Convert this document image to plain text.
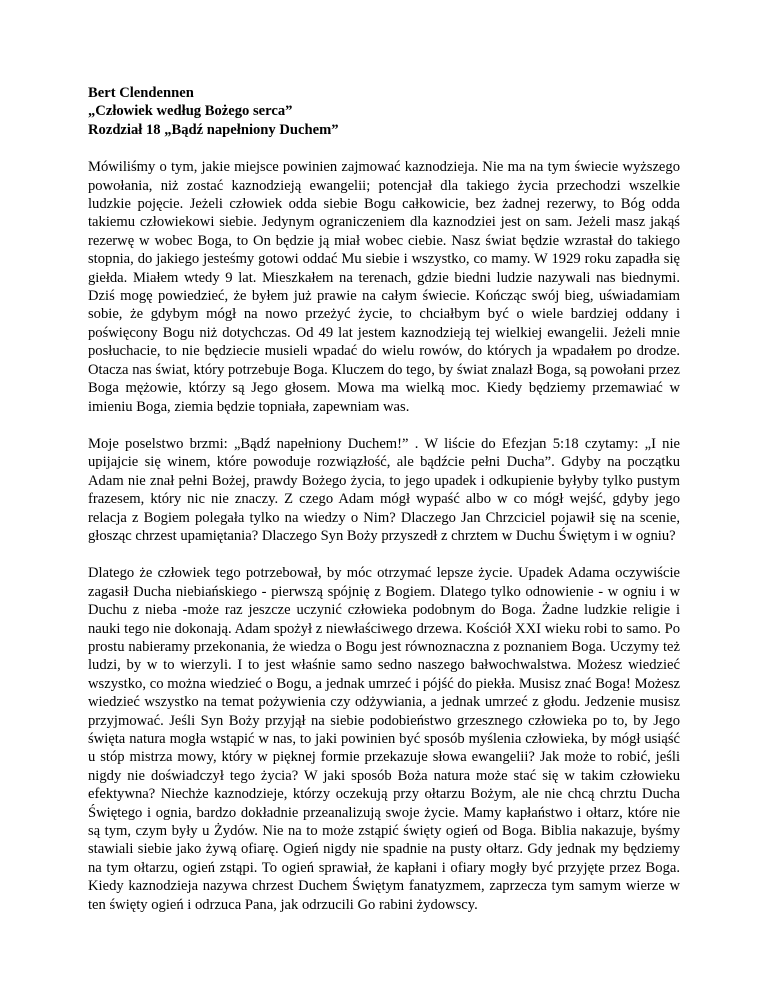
Bert Clendennen
„Człowiek według Bożego serca”
Rozdział 18 „Bądź napełniony Duchem”

Mówiliśmy o tym, jakie miejsce powinien zajmować kaznodzieja. Nie ma na tym świecie wyższego powołania, niż zostać kaznodzieją ewangelii; potencjał dla takiego życia przechodzi wszelkie ludzkie pojęcie. Jeżeli człowiek odda siebie Bogu całkowicie, bez żadnej rezerwy, to Bóg odda takiemu człowiekowi siebie. Jedynym ograniczeniem dla kaznodziei jest on sam. Jeżeli masz jakąś rezerwę w wobec Boga, to On będzie ją miał wobec ciebie. Nasz świat będzie wzrastał do takiego stopnia, do jakiego jesteśmy gotowi oddać Mu siebie i wszystko, co mamy. W 1929 roku zapadła się giełda. Miałem wtedy 9 lat. Mieszkałem na terenach, gdzie biedni ludzie nazywali nas biednymi. Dziś mogę powiedzieć, że byłem już prawie na całym świecie. Kończąc swój bieg, uświadamiam sobie, że gdybym mógł na nowo przeżyć życie, to chciałbym być o wiele bardziej oddany i poświęcony Bogu niż dotychczas. Od 49 lat jestem kaznodzieją tej wielkiej ewangelii. Jeżeli mnie posłuchacie, to nie będziecie musieli wpadać do wielu rowów, do których ja wpadałem po drodze. Otacza nas świat, który potrzebuje Boga. Kluczem do tego, by świat znalazł Boga, są powołani przez Boga mężowie, którzy są Jego głosem. Mowa ma wielką moc. Kiedy będziemy przemawiać w imieniu Boga, ziemia będzie topniała, zapewniam was.

Moje poselstwo brzmi: „Bądź napełniony Duchem!” . W liście do Efezjan 5:18 czytamy: „I nie upijajcie się winem, które powoduje rozwiązłość, ale bądźcie pełni Ducha”. Gdyby na początku Adam nie znał pełni Bożej, prawdy Bożego życia, to jego upadek i odkupienie byłyby tylko pustym frazesem, który nic nie znaczy. Z czego Adam mógł wypaść albo w co mógł wejść, gdyby jego relacja z Bogiem polegała tylko na wiedzy o Nim? Dlaczego Jan Chrzciciel pojawił się na scenie, głosząc chrzest upamiętania? Dlaczego Syn Boży przyszedł z chrztem w Duchu Świętym i w ogniu?

Dlatego że człowiek tego potrzebował, by móc otrzymać lepsze życie. Upadek Adama oczywiście zagasił Ducha niebiańskiego - pierwszą spójnię z Bogiem. Dlatego tylko odnowienie - w ogniu i w Duchu z nieba -może raz jeszcze uczynić człowieka podobnym do Boga. Żadne ludzkie religie i nauki tego nie dokonają. Adam spożył z niewłaściwego drzewa. Kościół XXI wieku robi to samo. Po prostu nabieramy przekonania, że wiedza o Bogu jest równoznaczna z poznaniem Boga. Uczymy też ludzi, by w to wierzyli. I to jest właśnie samo sedno naszego bałwochwalstwa. Możesz wiedzieć wszystko, co można wiedzieć o Bogu, a jednak umrzeć i pójść do piekła. Musisz znać Boga! Możesz wiedzieć wszystko na temat pożywienia czy odżywiania, a jednak umrzeć z głodu. Jedzenie musisz przyjmować. Jeśli Syn Boży przyjął na siebie podobieństwo grzesznego człowieka po to, by Jego święta natura mogła wstąpić w nas, to jaki powinien być sposób myślenia człowieka, by mógł usiąść u stóp mistrza mowy, który w pięknej formie przekazuje słowa ewangelii? Jak może to robić, jeśli nigdy nie doświadczył tego życia? W jaki sposób Boża natura może stać się w takim człowieku efektywna? Niechże kaznodzieje, którzy oczekują przy ołtarzu Bożym, ale nie chcą chrztu Ducha Świętego i ognia, bardzo dokładnie przeanalizują swoje życie. Mamy kapłaństwo i ołtarz, które nie są tym, czym były u Żydów. Nie na to może zstąpić święty ogień od Boga. Biblia nakazuje, byśmy stawiali siebie jako żywą ofiarę. Ogień nigdy nie spadnie na pusty ołtarz. Gdy jednak my będziemy na tym ołtarzu, ogień zstąpi. To ogień sprawiał, że kapłani i ofiary mogły być przyjęte przez Boga. Kiedy kaznodzieja nazywa chrzest Duchem Świętym fanatyzmem, zaprzecza tym samym wierze w ten święty ogień i odrzuca Pana, jak odrzucili Go rabini żydowscy.
